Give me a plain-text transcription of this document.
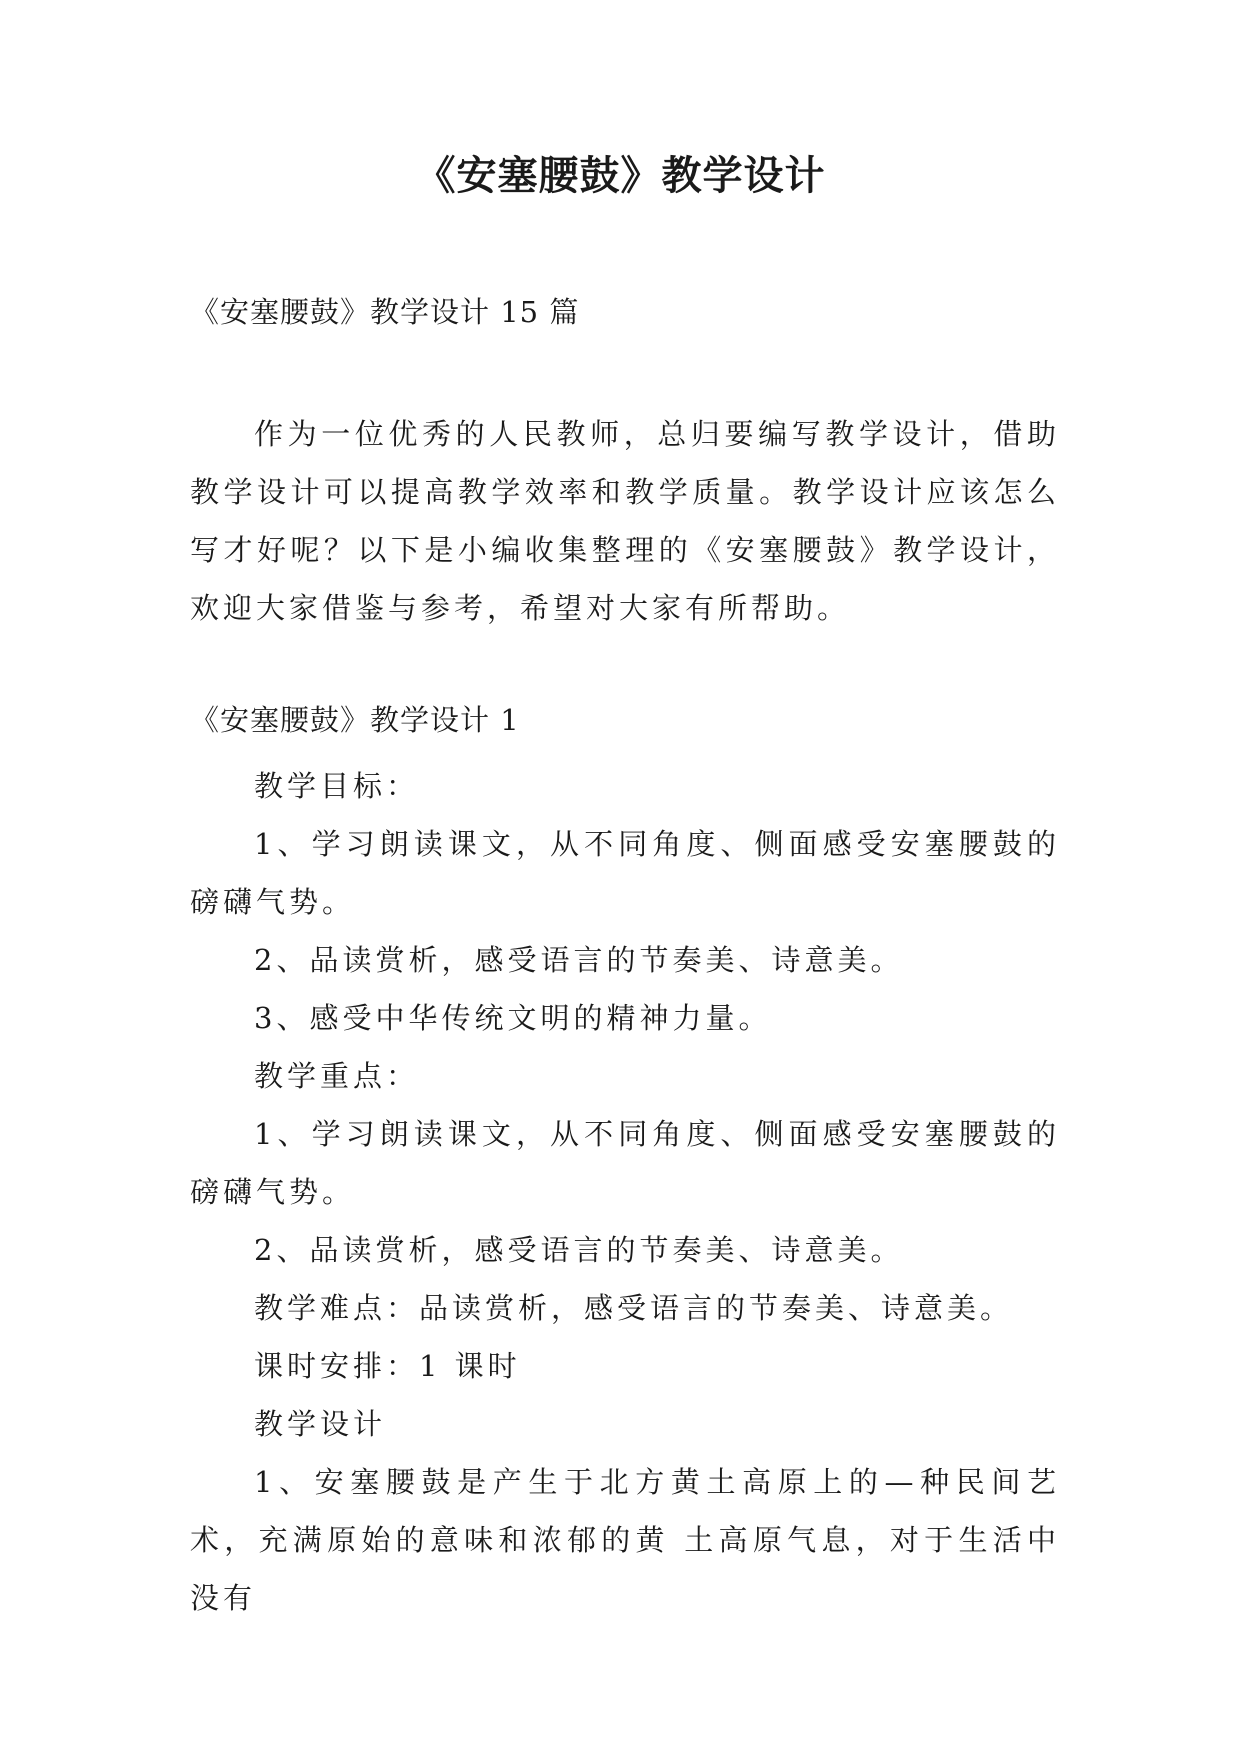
《安塞腰鼓》教学设计

《安塞腰鼓》教学设计 15 篇

作为一位优秀的人民教师，总归要编写教学设计，借助教学设计可以提高教学效率和教学质量。教学设计应该怎么写才好呢？以下是小编收集整理的《安塞腰鼓》教学设计，欢迎大家借鉴与参考，希望对大家有所帮助。

《安塞腰鼓》教学设计 1

教学目标：

1、学习朗读课文，从不同角度、侧面感受安塞腰鼓的磅礴气势。

2、品读赏析，感受语言的节奏美、诗意美。

3、感受中华传统文明的精神力量。

教学重点：

1、学习朗读课文，从不同角度、侧面感受安塞腰鼓的磅礴气势。

2、品读赏析，感受语言的节奏美、诗意美。

教学难点：品读赏析，感受语言的节奏美、诗意美。

课时安排：1 课时

教学设计

1、安塞腰鼓是产生于北方黄土高原上的—种民间艺术，充满原始的意味和浓郁的黄 土高原气息，对于生活中没有
